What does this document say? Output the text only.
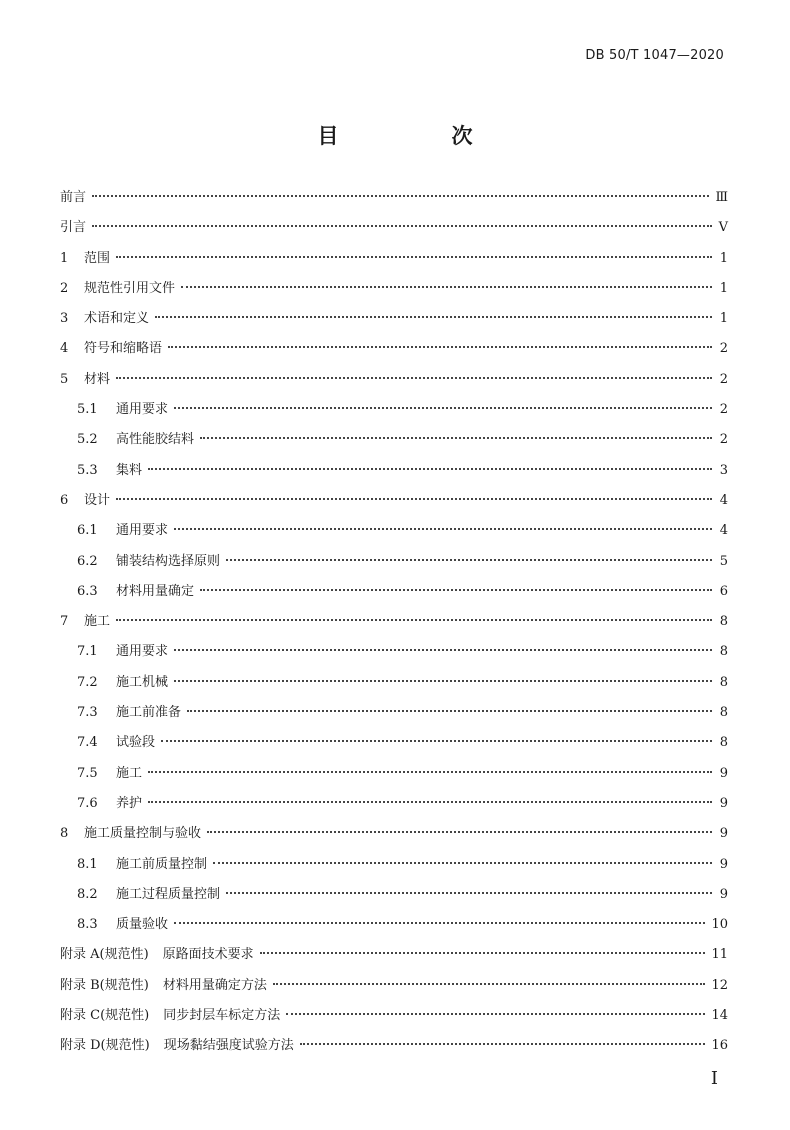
DB 50/T 1047—2020
目　次
前言	Ⅲ
引言	V
1	范围	1
2	规范性引用文件	1
3	术语和定义	1
4	符号和缩略语	2
5	材料	2
5.1	通用要求	2
5.2	高性能胶结料	2
5.3	集料	3
6	设计	4
6.1	通用要求	4
6.2	铺装结构选择原则	5
6.3	材料用量确定	6
7	施工	8
7.1	通用要求	8
7.2	施工机械	8
7.3	施工前准备	8
7.4	试验段	8
7.5	施工	9
7.6	养护	9
8	施工质量控制与验收	9
8.1	施工前质量控制	9
8.2	施工过程质量控制	9
8.3	质量验收	10
附录 A(规范性) 原路面技术要求	11
附录 B(规范性) 材料用量确定方法	12
附录 C(规范性) 同步封层车标定方法	14
附录 D(规范性) 现场黏结强度试验方法	16
I
